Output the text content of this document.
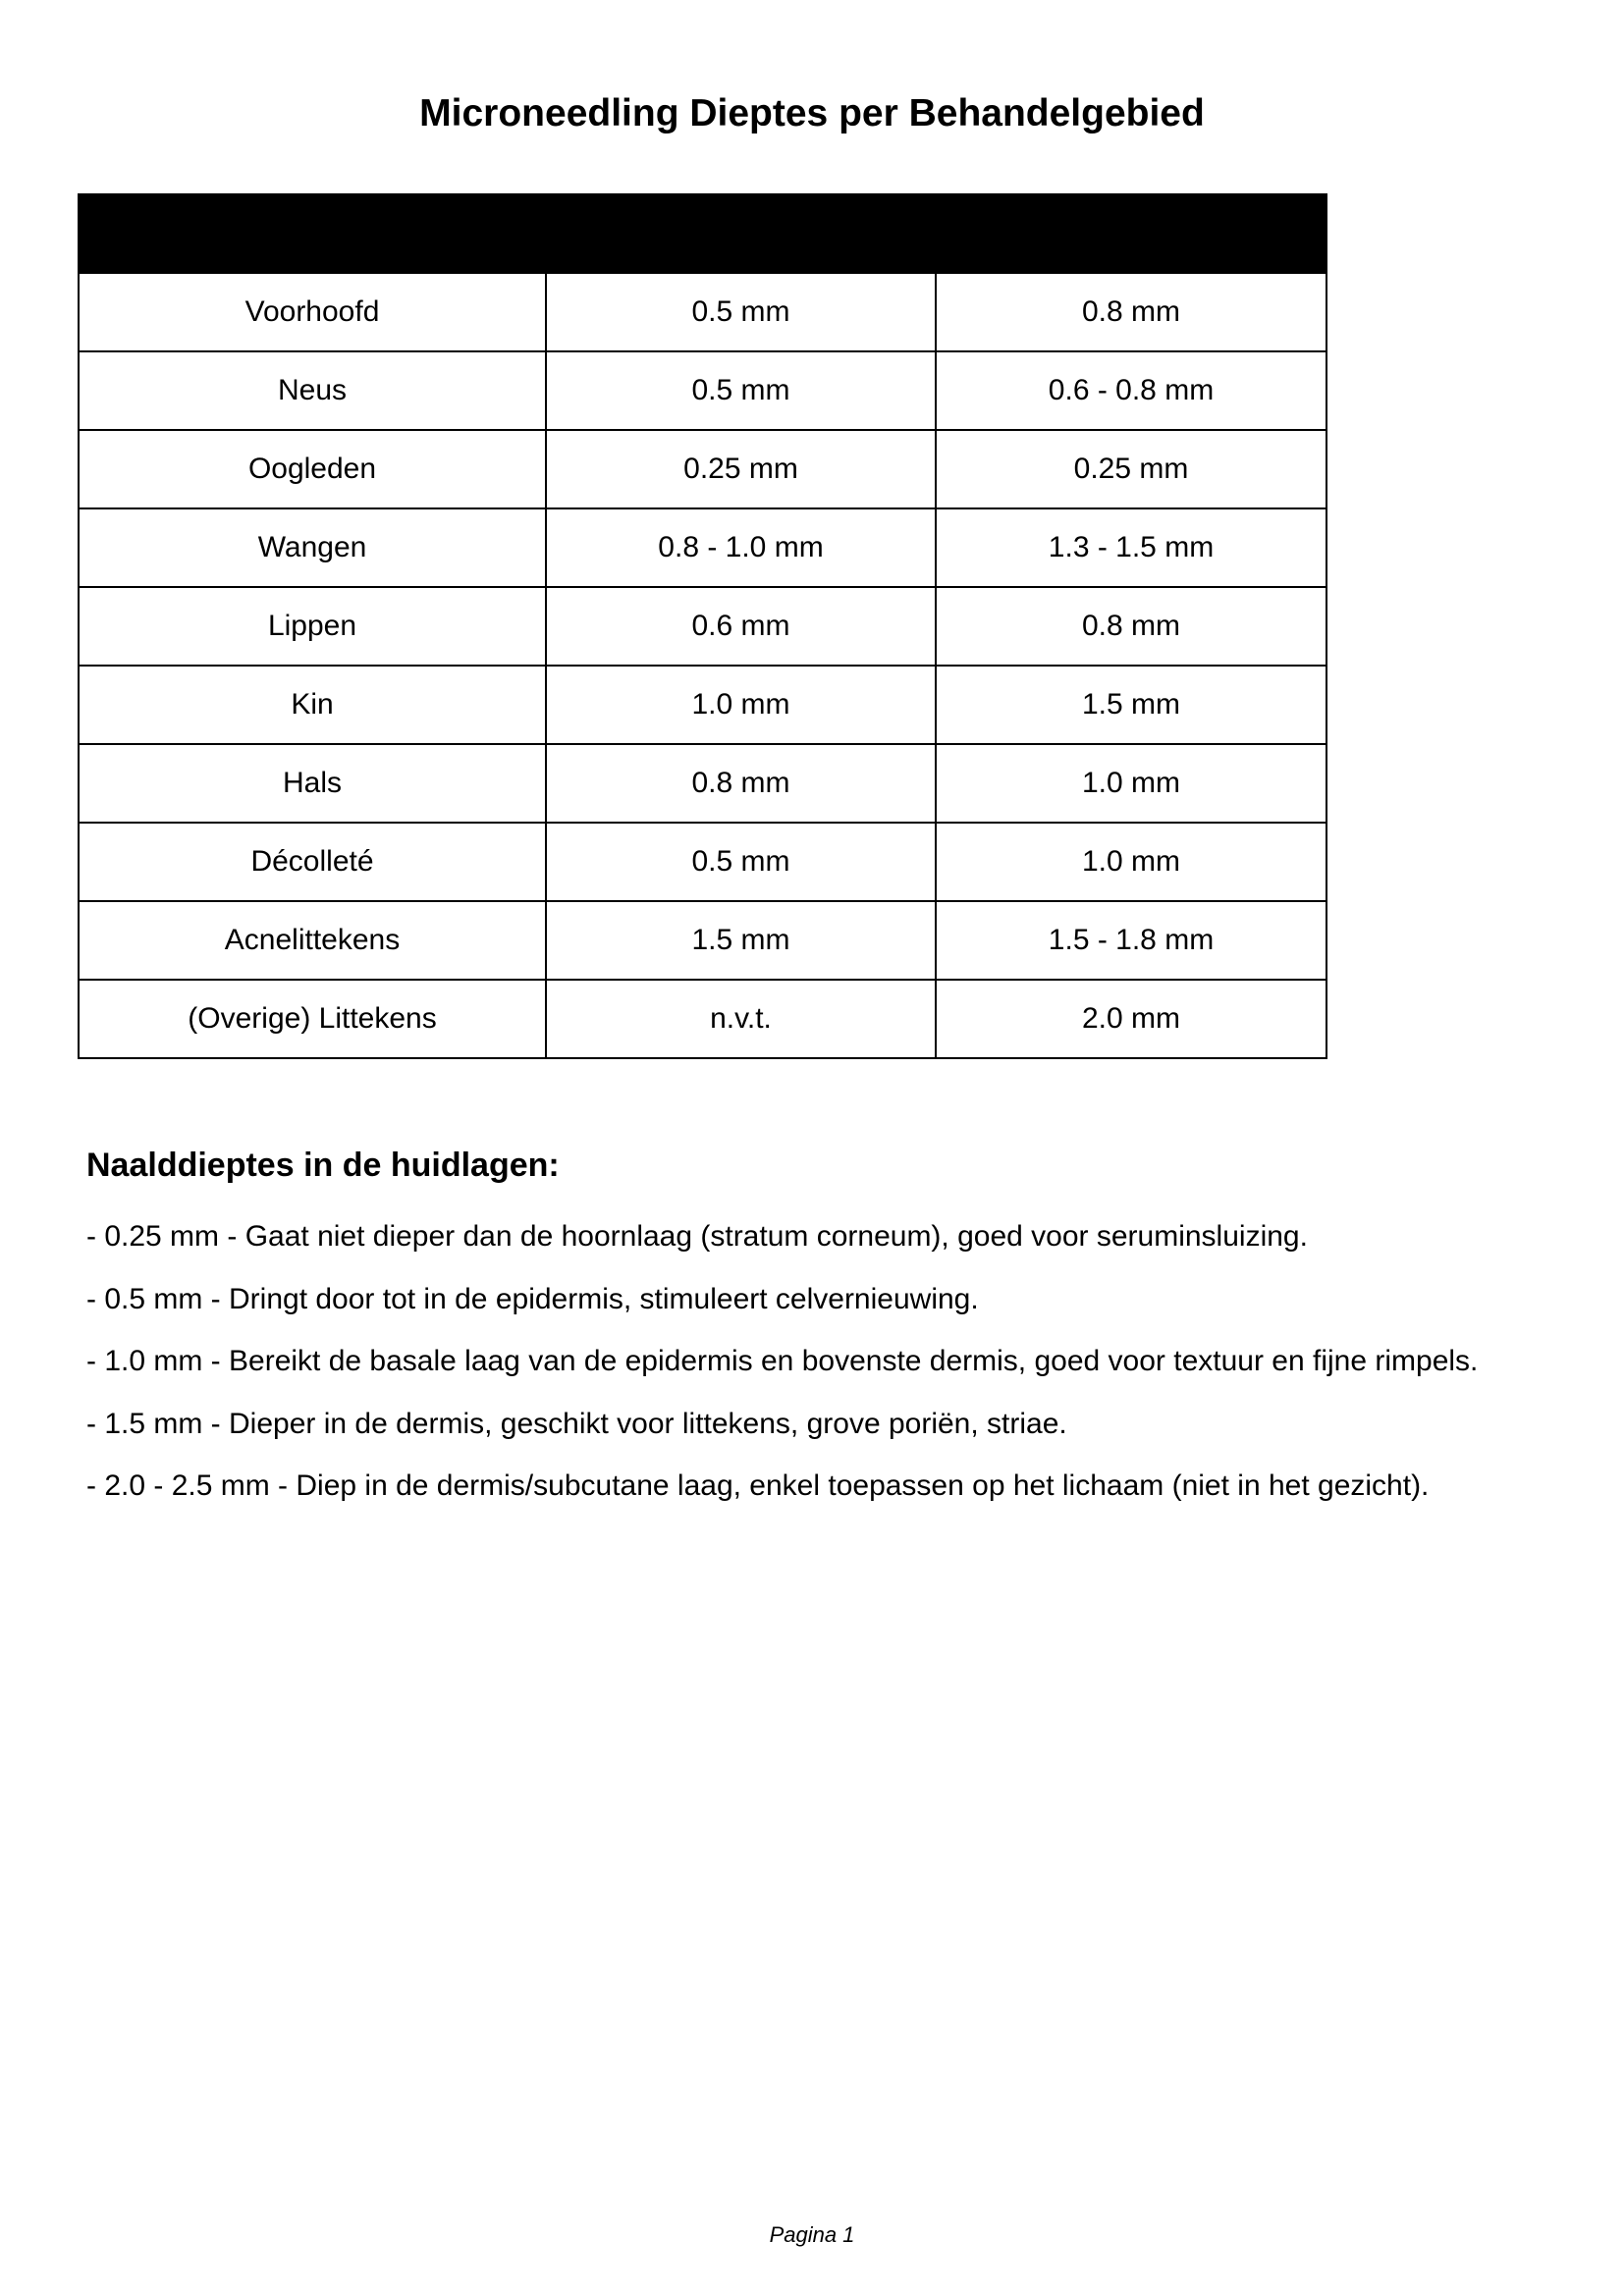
Microneedling Dieptes per Behandelgebied

Voorhoofd	0.5 mm	0.8 mm
Neus	0.5 mm	0.6 - 0.8 mm
Oogleden	0.25 mm	0.25 mm
Wangen	0.8 - 1.0 mm	1.3 - 1.5 mm
Lippen	0.6 mm	0.8 mm
Kin	1.0 mm	1.5 mm
Hals	0.8 mm	1.0 mm
Décolleté	0.5 mm	1.0 mm
Acnelittekens	1.5 mm	1.5 - 1.8 mm
(Overige) Littekens	n.v.t.	2.0 mm
Naalddieptes in de huidlagen:
- 0.25 mm - Gaat niet dieper dan de hoornlaag (stratum corneum), goed voor seruminsluizing.
- 0.5 mm - Dringt door tot in de epidermis, stimuleert celvernieuwing.
- 1.0 mm - Bereikt de basale laag van de epidermis en bovenste dermis, goed voor textuur en fijne rimpels.
- 1.5 mm - Dieper in de dermis, geschikt voor littekens, grove poriën, striae.
- 2.0 - 2.5 mm - Diep in de dermis/subcutane laag, enkel toepassen op het lichaam (niet in het gezicht).
Pagina 1
